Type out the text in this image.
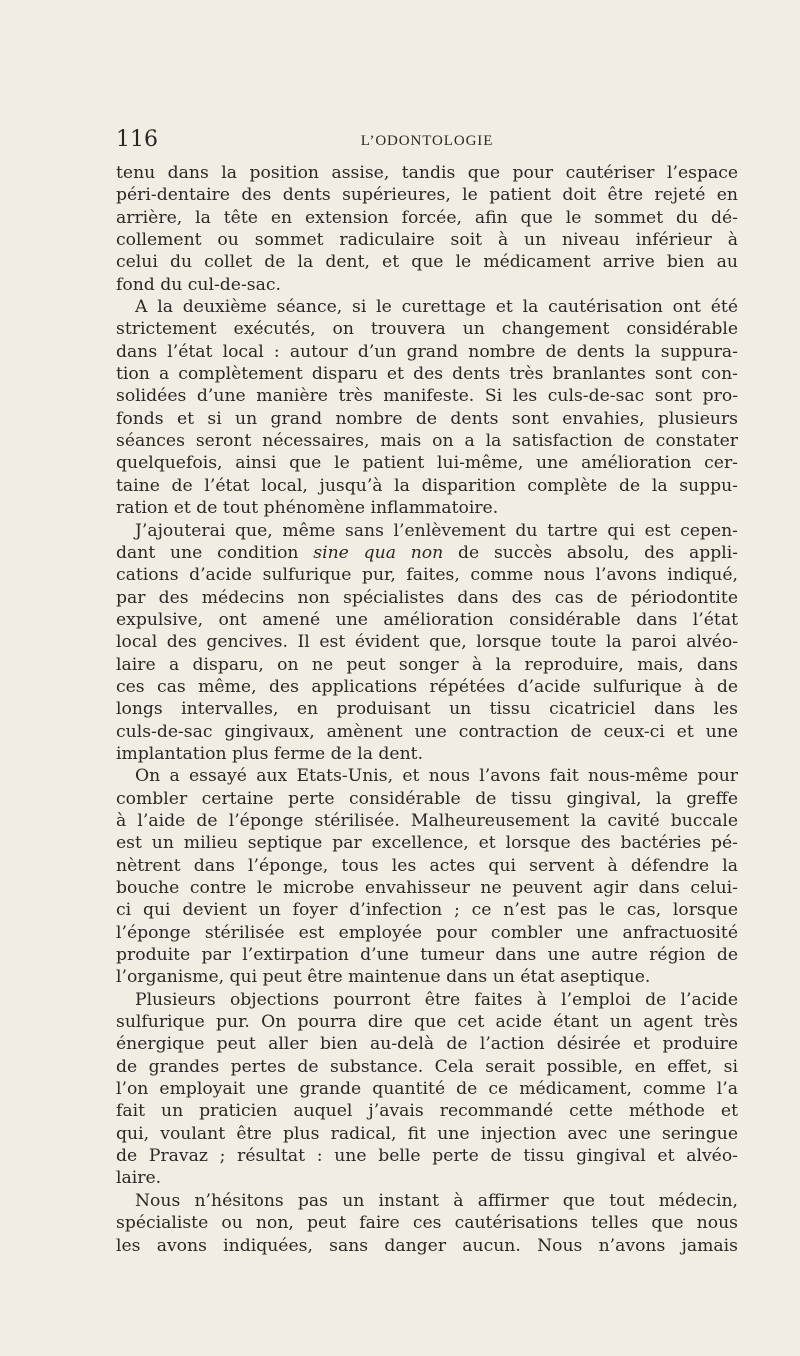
116	L’ODONTOLOGIE
tenu dans la position assise, tandis que pour cautériser l’espace
péri-dentaire des dents supérieures, le patient doit être rejeté en
arrière, la tête en extension forcée, afin que le sommet du dé-
collement ou sommet radiculaire soit à un niveau inférieur à
celui du collet de la dent, et que le médicament arrive bien au
fond du cul-de-sac.
A la deuxième séance, si le curettage et la cautérisation ont été
strictement exécutés, on trouvera un changement considérable
dans l’état local : autour d’un grand nombre de dents la suppura-
tion a complètement disparu et des dents très branlantes sont con-
solidées d’une manière très manifeste. Si les culs-de-sac sont pro-
fonds et si un grand nombre de dents sont envahies, plusieurs
séances seront nécessaires, mais on a la satisfaction de constater
quelquefois, ainsi que le patient lui-même, une amélioration cer-
taine de l’état local, jusqu’à la disparition complète de la suppu-
ration et de tout phénomène inflammatoire.
J’ajouterai que, même sans l’enlèvement du tartre qui est cepen-
dant une condition sine qua non de succès absolu, des appli-
cations d’acide sulfurique pur, faites, comme nous l’avons indiqué,
par des médecins non spécialistes dans des cas de périodontite
expulsive, ont amené une amélioration considérable dans l’état
local des gencives. Il est évident que, lorsque toute la paroi alvéo-
laire a disparu, on ne peut songer à la reproduire, mais, dans
ces cas même, des applications répétées d’acide sulfurique à de
longs intervalles, en produisant un tissu cicatriciel dans les
culs-de-sac gingivaux, amènent une contraction de ceux-ci et une
implantation plus ferme de la dent.
On a essayé aux Etats-Unis, et nous l’avons fait nous-même pour
combler certaine perte considérable de tissu gingival, la greffe
à l’aide de l’éponge stérilisée. Malheureusement la cavité buccale
est un milieu septique par excellence, et lorsque des bactéries pé-
nètrent dans l’éponge, tous les actes qui servent à défendre la
bouche contre le microbe envahisseur ne peuvent agir dans celui-
ci qui devient un foyer d’infection ; ce n’est pas le cas, lorsque
l’éponge stérilisée est employée pour combler une anfractuosité
produite par l’extirpation d’une tumeur dans une autre région de
l’organisme, qui peut être maintenue dans un état aseptique.
Plusieurs objections pourront être faites à l’emploi de l’acide
sulfurique pur. On pourra dire que cet acide étant un agent très
énergique peut aller bien au-delà de l’action désirée et produire
de grandes pertes de substance. Cela serait possible, en effet, si
l’on employait une grande quantité de ce médicament, comme l’a
fait un praticien auquel j’avais recommandé cette méthode et
qui, voulant être plus radical, fit une injection avec une seringue
de Pravaz ; résultat : une belle perte de tissu gingival et alvéo-
laire.
Nous n’hésitons pas un instant à affirmer que tout médecin,
spécialiste ou non, peut faire ces cautérisations telles que nous
les avons indiquées, sans danger aucun. Nous n’avons jamais
